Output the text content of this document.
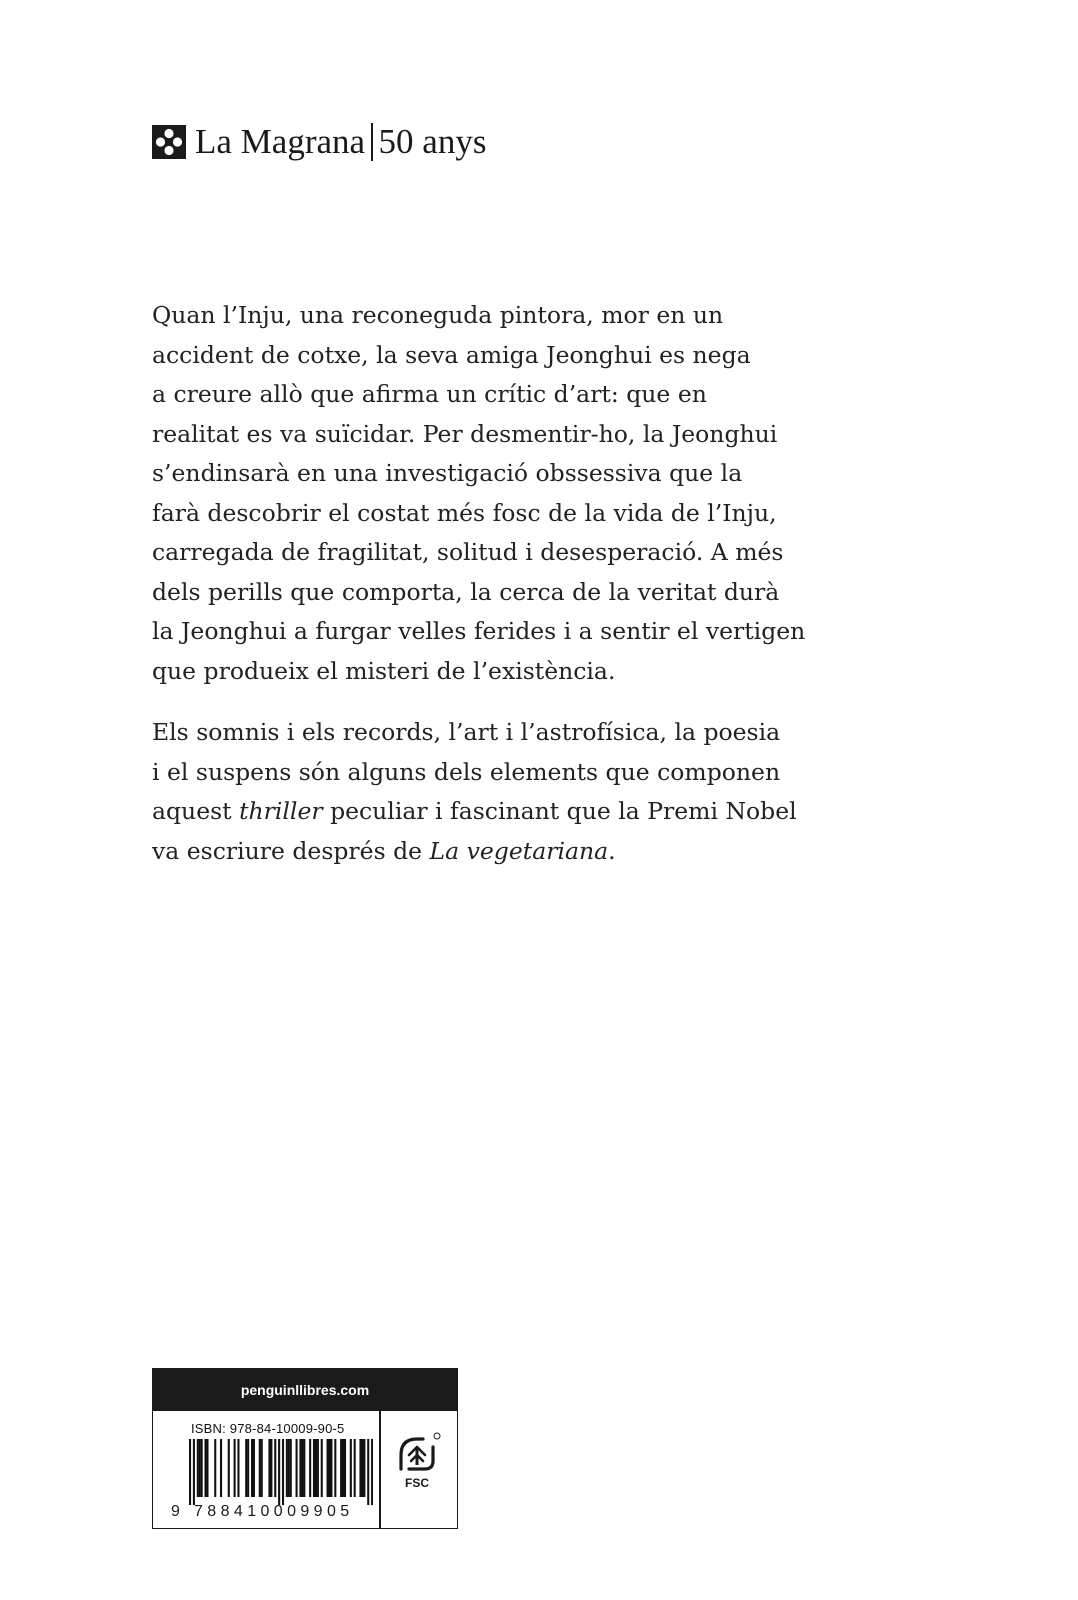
La Magrana 50 anys

Quan l’Inju, una reconeguda pintora, mor en un
accident de cotxe, la seva amiga Jeonghui es nega
a creure allò que afirma un crític d’art: que en
realitat es va suïcidar. Per desmentir-ho, la Jeonghui
s’endinsarà en una investigació obssessiva que la
farà descobrir el costat més fosc de la vida de l’Inju,
carregada de fragilitat, solitud i desesperació. A més
dels perills que comporta, la cerca de la veritat durà
la Jeonghui a furgar velles ferides i a sentir el vertigen
que produeix el misteri de l’existència.

Els somnis i els records, l’art i l’astrofísica, la poesia
i el suspens són alguns dels elements que componen
aquest thriller peculiar i fascinant que la Premi Nobel
va escriure després de La vegetariana.

penguinllibres.com
ISBN: 978-84-10009-90-5
9 788410009905
FSC
